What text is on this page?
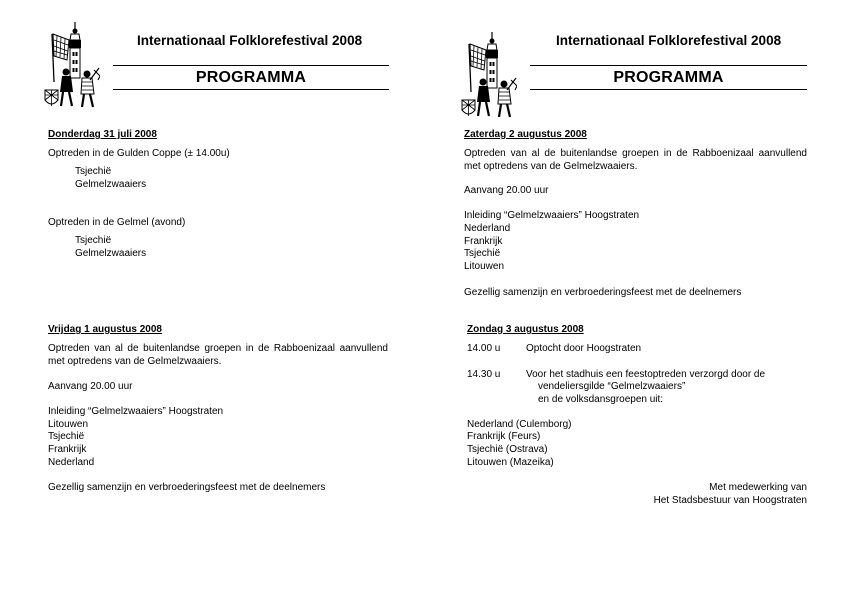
Internationaal Folklorefestival 2008
PROGRAMMA
Donderdag 31 juli 2008
Optreden in de Gulden Coppe (± 14.00u)
Tsjechië
Gelmelzwaaiers
Optreden in de Gelmel (avond)
Tsjechië
Gelmelzwaaiers
Vrijdag 1 augustus 2008
Optreden van al de buitenlandse groepen in de Rabboenizaal aanvullend met optredens van de Gelmelzwaaiers.
Aanvang 20.00 uur
Inleiding “Gelmelzwaaiers” Hoogstraten
Litouwen
Tsjechië
Frankrijk
Nederland
Gezellig samenzijn en verbroederingsfeest met de deelnemers
Internationaal Folklorefestival 2008
PROGRAMMA
Zaterdag 2 augustus 2008
Optreden van al de buitenlandse groepen in de Rabboenizaal aanvullend met optredens van de Gelmelzwaaiers.
Aanvang 20.00 uur
Inleiding “Gelmelzwaaiers” Hoogstraten
Nederland
Frankrijk
Tsjechië
Litouwen
Gezellig samenzijn en verbroederingsfeest met de deelnemers
Zondag 3 augustus 2008
14.00 u	Optocht door Hoogstraten
14.30 u	Voor het stadhuis een feestoptreden verzorgd door de
vendeliersgilde “Gelmelzwaaiers”
en de volksdansgroepen uit:
Nederland (Culemborg)
Frankrijk (Feurs)
Tsjechië (Ostrava)
Litouwen (Mazeika)
Met medewerking van
Het Stadsbestuur van Hoogstraten
